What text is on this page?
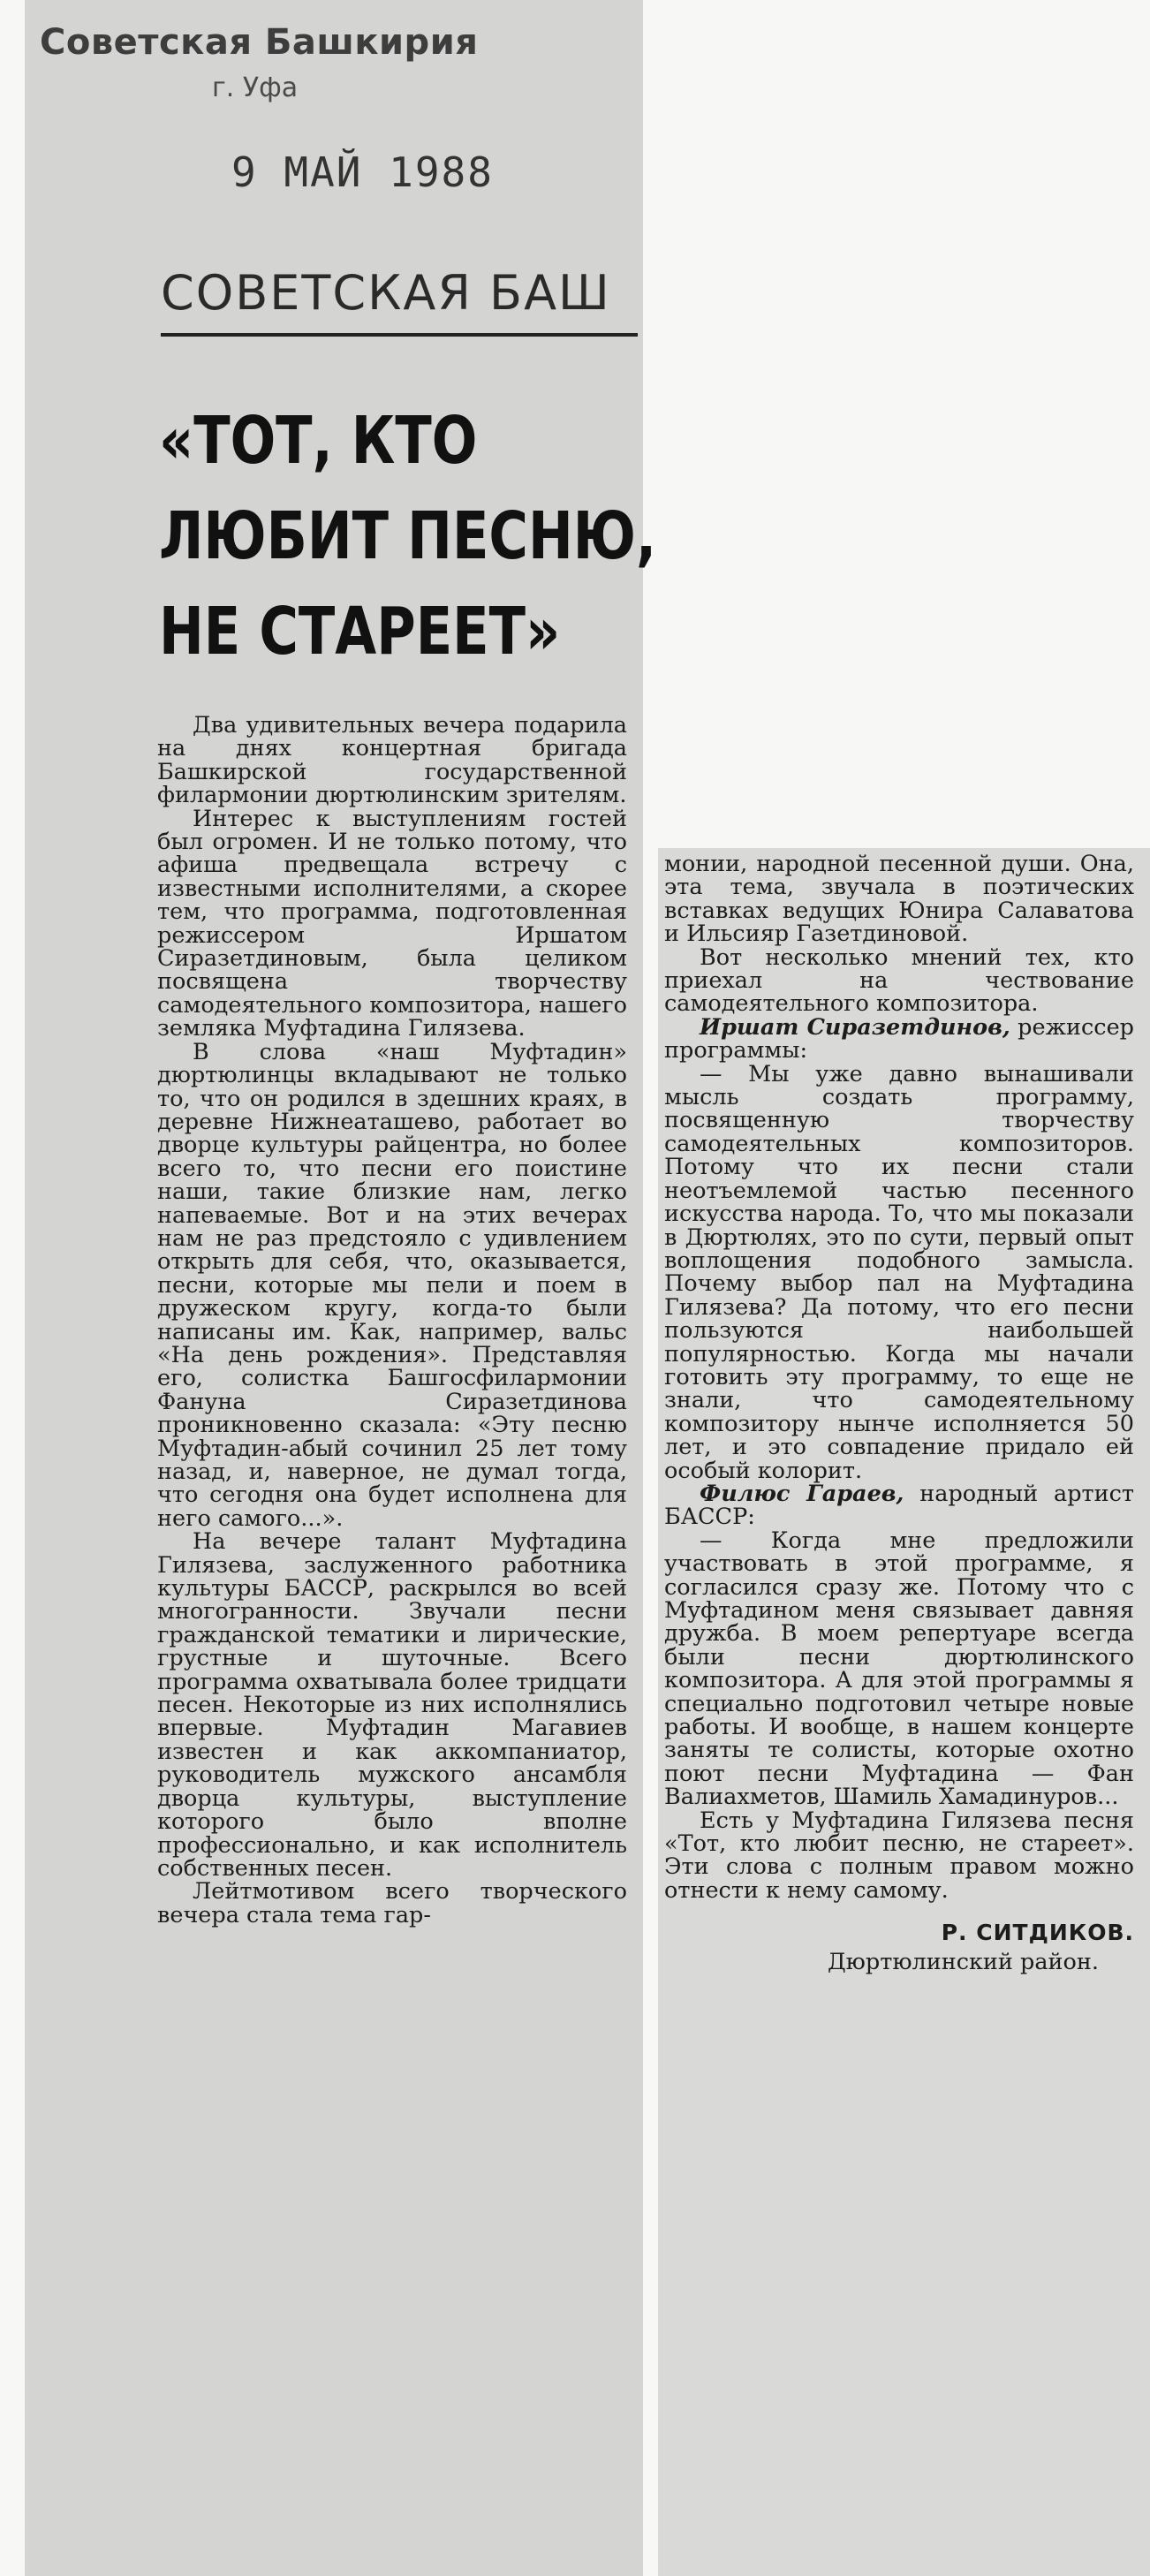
Советская Башкирия
г. Уфа
9 МАЙ 1988
СОВЕТСКАЯ БАШ
«ТОТ, КТО
ЛЮБИТ ПЕСНЮ,
НЕ СТАРЕЕТ»

Два удивительных вечера подарила на днях концертная бригада Башкирской государственной филармонии дюртюлинским зрителям.

Интерес к выступлениям гостей был огромен. И не только потому, что афиша предвещала встречу с известными исполнителями, а скорее тем, что программа, подготовленная режиссером Иршатом Сиразетдиновым, была целиком посвящена творчеству самодеятельного композитора, нашего земляка Муфтадина Гилязева.

В слова «наш Муфтадин» дюртюлинцы вкладывают не только то, что он родился в здешних краях, в деревне Нижнеаташево, работает во дворце культуры райцентра, но более всего то, что песни его поистине наши, такие близкие нам, легко напеваемые. Вот и на этих вечерах нам не раз предстояло с удивлением открыть для себя, что, оказывается, песни, которые мы пели и поем в дружеском кругу, когда-то были написаны им. Как, например, вальс «На день рождения». Представляя его, солистка Башгосфилармонии Фануна Сиразетдинова проникновенно сказала: «Эту песню Муфтадин-абый сочинил 25 лет тому назад, и, наверное, не думал тогда, что сегодня она будет исполнена для него самого...».

На вечере талант Муфтадина Гилязева, заслуженного работника культуры БАССР, раскрылся во всей многогранности. Звучали песни гражданской тематики и лирические, грустные и шуточные. Всего программа охватывала более тридцати песен. Некоторые из них исполнялись впервые. Муфтадин Магавиев известен и как аккомпаниатор, руководитель мужского ансамбля дворца культуры, выступление которого было вполне профессионально, и как исполнитель собственных песен.

Лейтмотивом всего творческого вечера стала тема гар-

монии, народной песенной души. Она, эта тема, звучала в поэтических вставках ведущих Юнира Салаватова и Ильсияр Газетдиновой.

Вот несколько мнений тех, кто приехал на чествование самодеятельного композитора.

Иршат Сиразетдинов, режиссер программы:

— Мы уже давно вынашивали мысль создать программу, посвященную творчеству самодеятельных композиторов. Потому что их песни стали неотъемлемой частью песенного искусства народа. То, что мы показали в Дюртюлях, это по сути, первый опыт воплощения подобного замысла. Почему выбор пал на Муфтадина Гилязева? Да потому, что его песни пользуются наибольшей популярностью. Когда мы начали готовить эту программу, то еще не знали, что самодеятельному композитору нынче исполняется 50 лет, и это совпадение придало ей особый колорит.

Филюс Гараев, народный артист БАССР:

— Когда мне предложили участвовать в этой программе, я согласился сразу же. Потому что с Муфтадином меня связывает давняя дружба. В моем репертуаре всегда были песни дюртюлинского композитора. А для этой программы я специально подготовил четыре новые работы. И вообще, в нашем концерте заняты те солисты, которые охотно поют песни Муфтадина — Фан Валиахметов, Шамиль Хамадинуров...

Есть у Муфтадина Гилязева песня «Тот, кто любит песню, не стареет». Эти слова с полным правом можно отнести к нему самому.

Р. СИТДИКОВ.
Дюртюлинский район.
